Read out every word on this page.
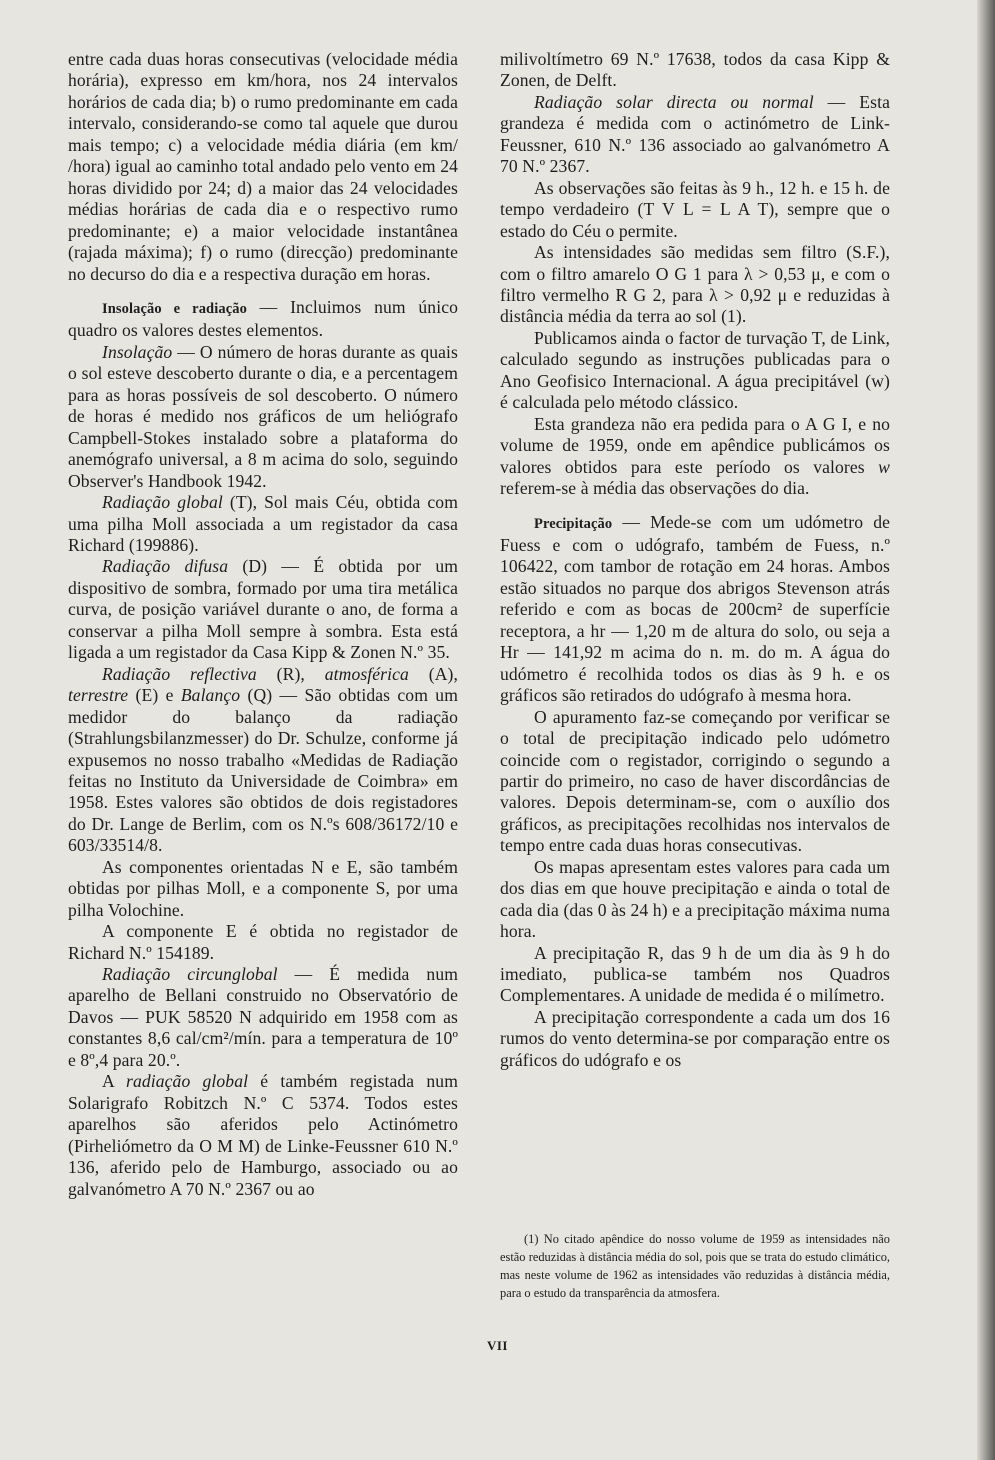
entre cada duas horas consecutivas (velocidade média horária), expresso em km/hora, nos 24 intervalos horários de cada dia; b) o rumo predominante em cada intervalo, considerando-se como tal aquele que durou mais tempo; c) a velocidade média diária (em km/ /hora) igual ao caminho total andado pelo vento em 24 horas dividido por 24; d) a maior das 24 velocidades médias horárias de cada dia e o respectivo rumo predominante; e) a maior velocidade instantânea (rajada máxima); f) o rumo (direcção) predominante no decurso do dia e a respectiva duração em horas.

Insolação e radiação — Incluimos num único quadro os valores destes elementos.

Insolação — O número de horas durante as quais o sol esteve descoberto durante o dia, e a percentagem para as horas possíveis de sol descoberto. O número de horas é medido nos gráficos de um heliógrafo Campbell-Stokes instalado sobre a plataforma do anemógrafo universal, a 8 m acima do solo, seguindo Observer's Handbook 1942.

Radiação global (T), Sol mais Céu, obtida com uma pilha Moll associada a um registador da casa Richard (199886).

Radiação difusa (D) — É obtida por um dispositivo de sombra, formado por uma tira metálica curva, de posição variável durante o ano, de forma a conservar a pilha Moll sempre à sombra. Esta está ligada a um registador da Casa Kipp & Zonen N.º 35.

Radiação reflectiva (R), atmosférica (A), terrestre (E) e Balanço (Q) — São obtidas com um medidor do balanço da radiação (Strahlungsbilanzmesser) do Dr. Schulze, conforme já expusemos no nosso trabalho «Medidas de Radiação feitas no Instituto da Universidade de Coimbra» em 1958. Estes valores são obtidos de dois registadores do Dr. Lange de Berlim, com os N.ºs 608/36172/10 e 603/33514/8.

As componentes orientadas N e E, são também obtidas por pilhas Moll, e a componente S, por uma pilha Volochine.

A componente E é obtida no registador de Richard N.º 154189.

Radiação circunglobal — É medida num aparelho de Bellani construido no Observatório de Davos — PUK 58520 N adquirido em 1958 com as constantes 8,6 cal/cm²/mín. para a temperatura de 10º e 8º,4 para 20.º.

A radiação global é também registada num Solarigrafo Robitzch N.º C 5374. Todos estes aparelhos são aferidos pelo Actinómetro (Pirheliómetro da O M M) de Linke-Feussner 610 N.º 136, aferido pelo de Hamburgo, associado ou ao galvanómetro A 70 N.º 2367 ou ao

milivoltímetro 69 N.º 17638, todos da casa Kipp & Zonen, de Delft.

Radiação solar directa ou normal — Esta grandeza é medida com o actinómetro de Link-Feussner, 610 N.º 136 associado ao galvanómetro A 70 N.º 2367.

As observações são feitas às 9 h., 12 h. e 15 h. de tempo verdadeiro (T V L = L A T), sempre que o estado do Céu o permite.

As intensidades são medidas sem filtro (S.F.), com o filtro amarelo O G 1 para λ > 0,53 μ, e com o filtro vermelho R G 2, para λ > 0,92 μ e reduzidas à distância média da terra ao sol (1).

Publicamos ainda o factor de turvação T, de Link, calculado segundo as instruções publicadas para o Ano Geofisico Internacional. A água precipitável (w) é calculada pelo método clássico.

Esta grandeza não era pedida para o A G I, e no volume de 1959, onde em apêndice publicámos os valores obtidos para este período os valores w referem-se à média das observações do dia.

Precipitação — Mede-se com um udómetro de Fuess e com o udógrafo, também de Fuess, n.º 106422, com tambor de rotação em 24 horas. Ambos estão situados no parque dos abrigos Stevenson atrás referido e com as bocas de 200cm² de superfície receptora, a hr — 1,20 m de altura do solo, ou seja a Hr — 141,92 m acima do n. m. do m. A água do udómetro é recolhida todos os dias às 9 h. e os gráficos são retirados do udógrafo à mesma hora.

O apuramento faz-se começando por verificar se o total de precipitação indicado pelo udómetro coincide com o registador, corrigindo o segundo a partir do primeiro, no caso de haver discordâncias de valores. Depois determinam-se, com o auxílio dos gráficos, as precipitações recolhidas nos intervalos de tempo entre cada duas horas consecutivas.

Os mapas apresentam estes valores para cada um dos dias em que houve precipitação e ainda o total de cada dia (das 0 às 24 h) e a precipitação máxima numa hora.

A precipitação R, das 9 h de um dia às 9 h do imediato, publica-se também nos Quadros Complementares. A unidade de medida é o milímetro.

A precipitação correspondente a cada um dos 16 rumos do vento determina-se por comparação entre os gráficos do udógrafo e os

(1) No citado apêndice do nosso volume de 1959 as intensidades não estão reduzidas à distância média do sol, pois que se trata do estudo climático, mas neste volume de 1962 as intensidades vão reduzidas à distância média, para o estudo da transparência da atmosfera.

VII
